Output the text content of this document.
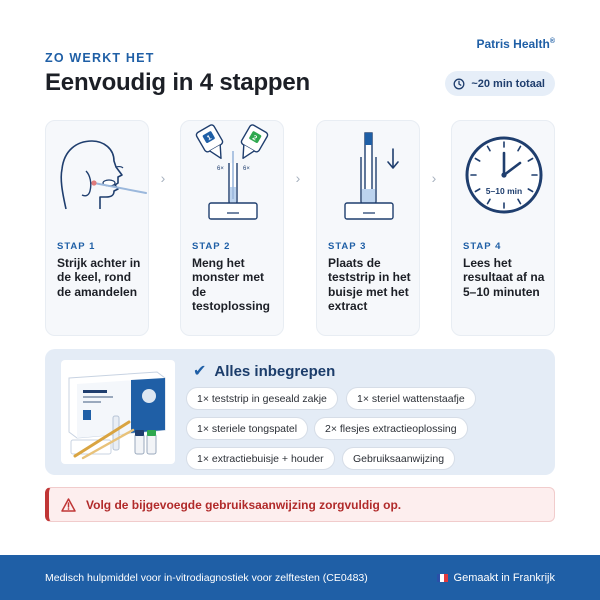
ZO WERKT HET
Patris Health®
Eenvoudig in 4 stappen	~20 min totaal
STAP 1
Strijk achter in de keel, rond de amandelen
›
1	2
6×	6×
STAP 2
Meng het monster met de testoplossing
›
STAP 3
Plaats de teststrip in het buisje met het extract
›
5–10 min
STAP 4
Lees het resultaat af na 5–10 minuten
✔ Alles inbegrepen
1× teststrip in geseald zakje	1× steriel wattenstaafje
1× steriele tongspatel	2× flesjes extractieoplossing
1× extractiebuisje + houder	Gebruiksaanwijzing
Volg de bijgevoegde gebruiksaanwijzing zorgvuldig op.
Medisch hulpmiddel voor in-vitrodiagnostiek voor zelftesten (CE0483)	Gemaakt in Frankrijk
